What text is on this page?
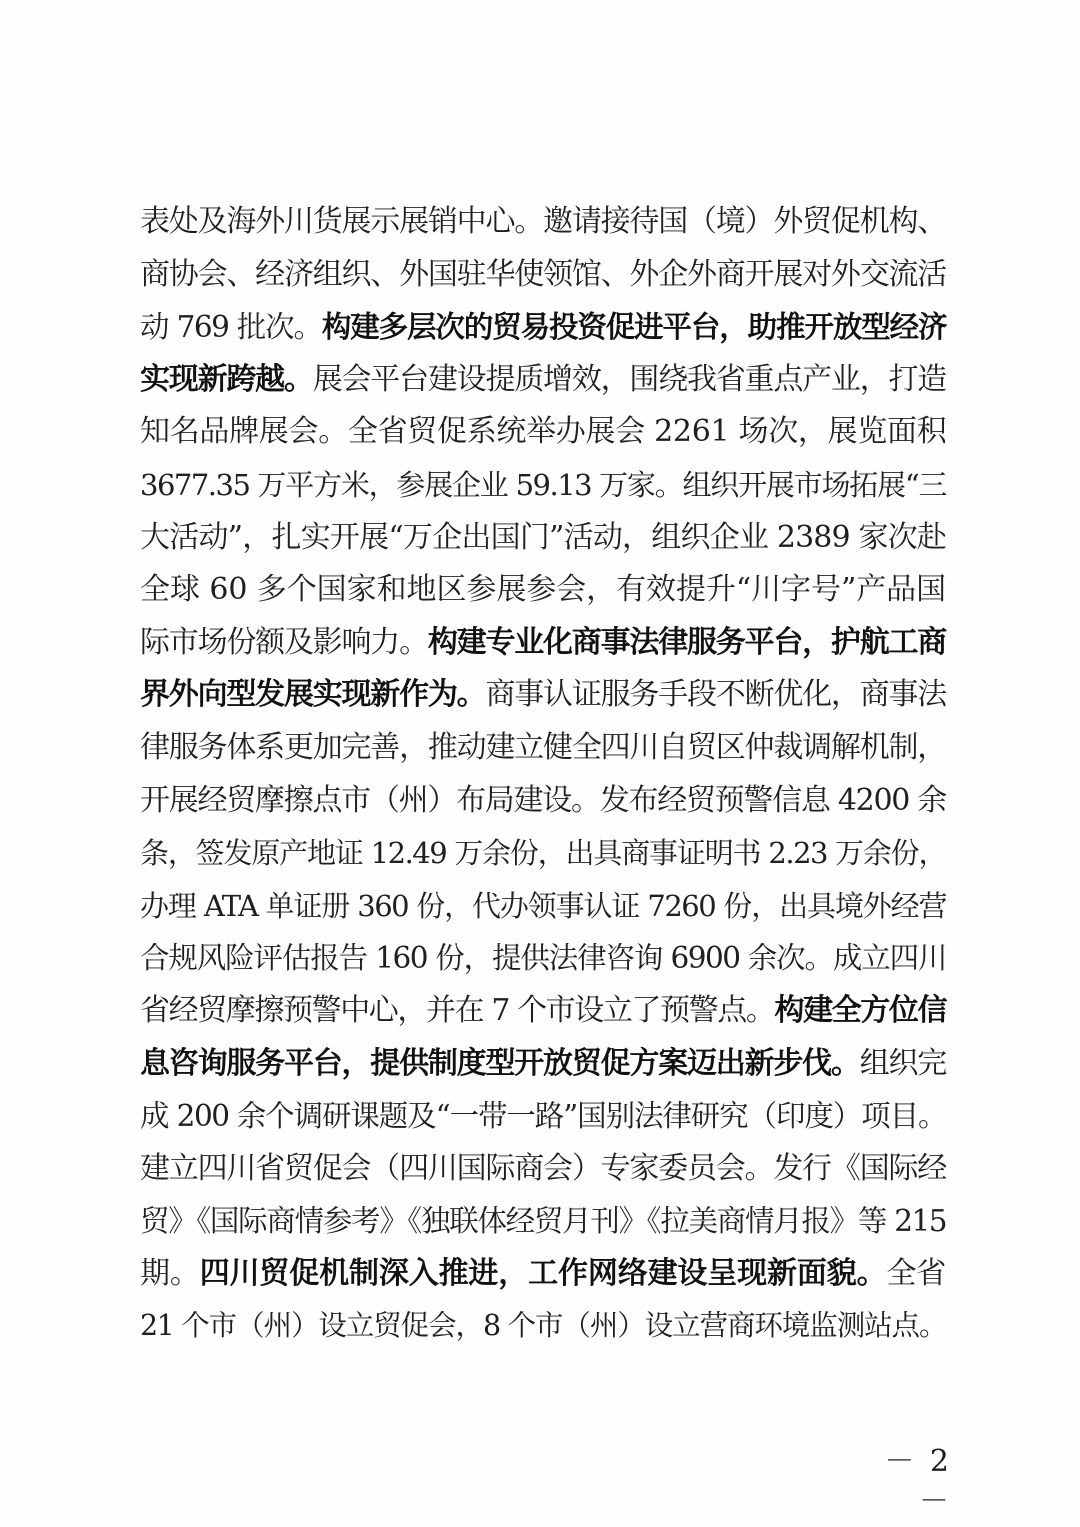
表处及海外川货展示展销中心。邀请接待国（境）外贸促机构、
商协会、经济组织、外国驻华使领馆、外企外商开展对外交流活
动 769 批次。构建多层次的贸易投资促进平台，助推开放型经济
实现新跨越。展会平台建设提质增效，围绕我省重点产业，打造
知名品牌展会。全省贸促系统举办展会 2261 场次，展览面积
3677.35 万平方米，参展企业 59.13 万家。组织开展市场拓展“三
大活动”，扎实开展“万企出国门”活动，组织企业 2389 家次赴
全球 60 多个国家和地区参展参会，有效提升“川字号”产品国
际市场份额及影响力。构建专业化商事法律服务平台，护航工商
界外向型发展实现新作为。商事认证服务手段不断优化，商事法
律服务体系更加完善，推动建立健全四川自贸区仲裁调解机制，
开展经贸摩擦点市（州）布局建设。发布经贸预警信息 4200 余
条，签发原产地证 12.49 万余份，出具商事证明书 2.23 万余份，
办理 ATA 单证册 360 份，代办领事认证 7260 份，出具境外经营
合规风险评估报告 160 份，提供法律咨询 6900 余次。成立四川
省经贸摩擦预警中心，并在 7 个市设立了预警点。构建全方位信
息咨询服务平台，提供制度型开放贸促方案迈出新步伐。组织完
成 200 余个调研课题及“一带一路”国别法律研究（印度）项目。
建立四川省贸促会（四川国际商会）专家委员会。发行《国际经
贸》《国际商情参考》《独联体经贸月刊》《拉美商情月报》等 215
期。四川贸促机制深入推进，工作网络建设呈现新面貌。全省
21 个市（州）设立贸促会，8 个市（州）设立营商环境监测站点。
－ 2 －
